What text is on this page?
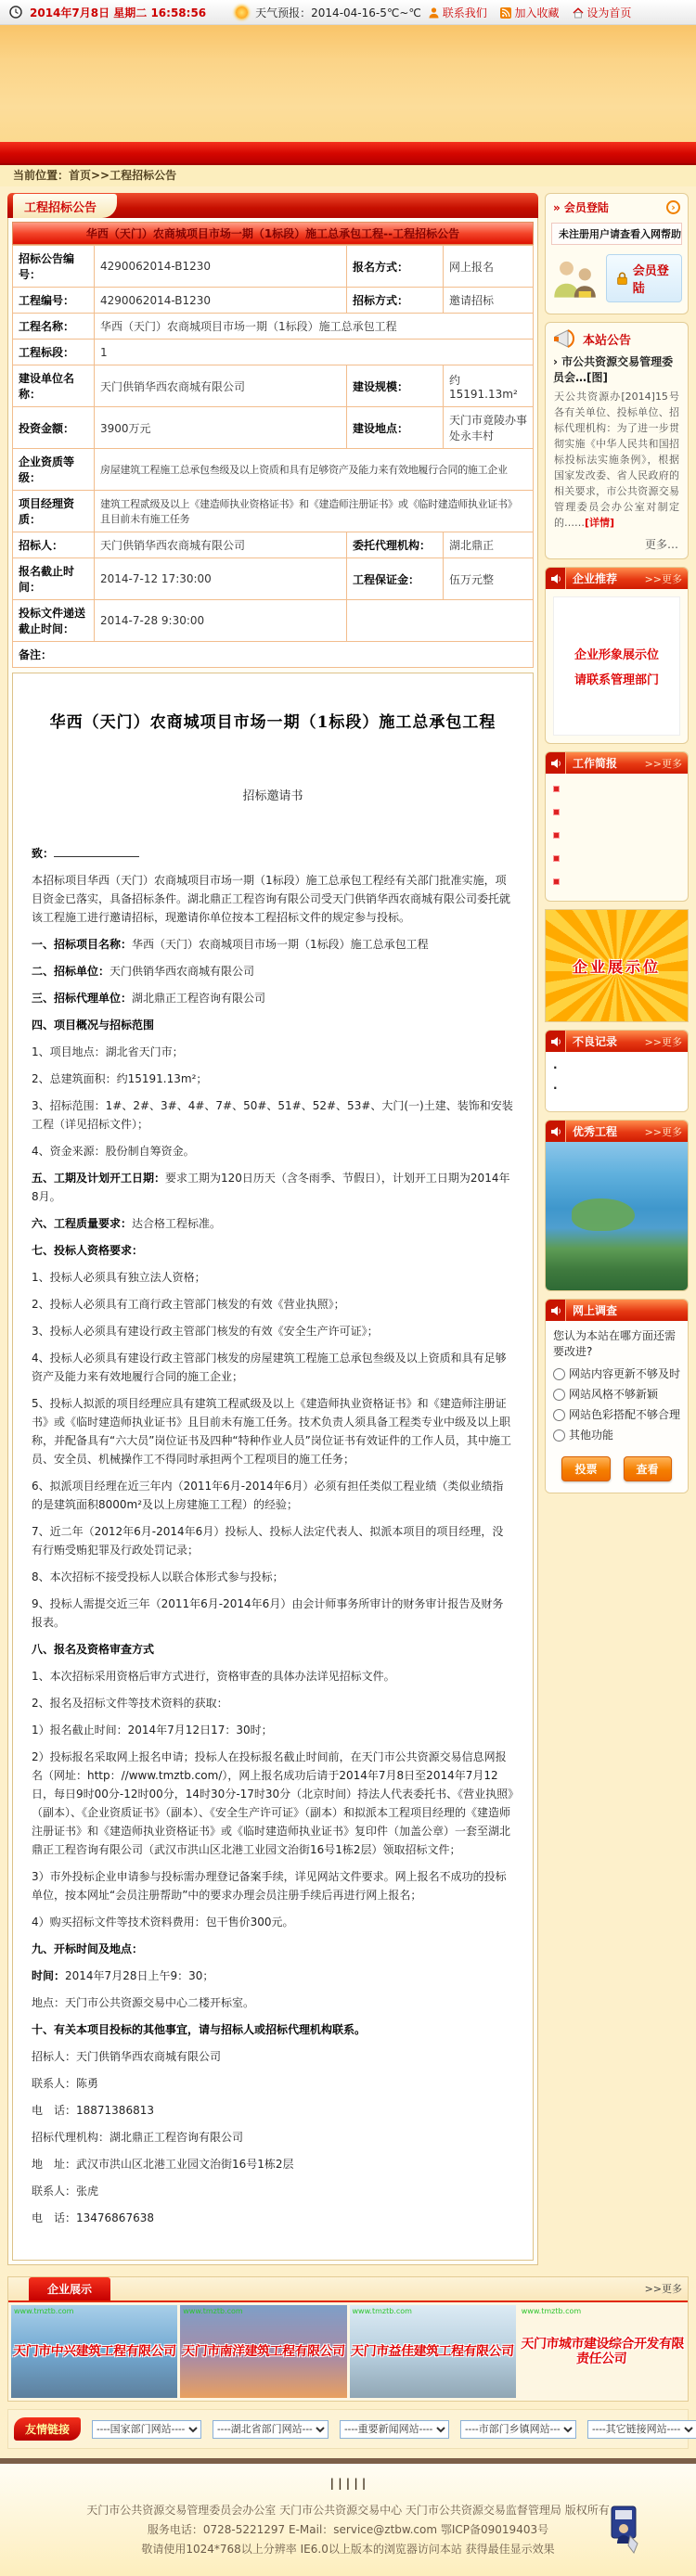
2014年7月8日 星期二 16:58:56	天气预报：2014-04-16-5℃~℃	联系我们	加入收藏	设为首页
当前位置：首页>>工程招标公告
工程招标公告
华西（天门）农商城项目市场一期（1标段）施工总承包工程--工程招标公告
招标公告编号：	4290062014-B1230	报名方式：	网上报名
工程编号：	4290062014-B1230	招标方式：	邀请招标
工程名称：	华西（天门）农商城项目市场一期（1标段）施工总承包工程		
工程标段：	1		
建设单位名称：	天门供销华西农商城有限公司	建设规模：	约15191.13m²
投资金额：	3900万元	建设地点：	天门市竟陵办事处永丰村
企业资质等级：	房屋建筑工程施工总承包叁级及以上资质和具有足够资产及能力来有效地履行合同的施工企业		
项目经理资质：	建筑工程贰级及以上《建造师执业资格证书》和《建造师注册证书》或《临时建造师执业证书》且目前未有施工任务		
招标人：	天门供销华西农商城有限公司	委托代理机构：	湖北鼎正
报名截止时间：	2014-7-12 17:30:00	工程保证金：	伍万元整
投标文件递送截止时间：	2014-7-28 9:30:00		
备注：			
华西（天门）农商城项目市场一期（1标段）施工总承包工程
招标邀请书

致：

本招标项目华西（天门）农商城项目市场一期（1标段）施工总承包工程经有关部门批准实施，项目资金已落实，具备招标条件。湖北鼎正工程咨询有限公司受天门供销华西农商城有限公司委托就该工程施工进行邀请招标，现邀请你单位按本工程招标文件的规定参与投标。

一、招标项目名称：华西（天门）农商城项目市场一期（1标段）施工总承包工程

二、招标单位：天门供销华西农商城有限公司

三、招标代理单位：湖北鼎正工程咨询有限公司

四、项目概况与招标范围

1、项目地点：湖北省天门市；

2、总建筑面积：约15191.13m²；

3、招标范围：1#、2#、3#、4#、7#、50#、51#、52#、53#、大门(一)土建、装饰和安装工程（详见招标文件）；

4、资金来源：股份制自筹资金。

五、工期及计划开工日期：要求工期为120日历天（含冬雨季、节假日），计划开工日期为2014年8月。

六、工程质量要求：达合格工程标准。

七、投标人资格要求：

1、投标人必须具有独立法人资格；

2、投标人必须具有工商行政主管部门核发的有效《营业执照》；

3、投标人必须具有建设行政主管部门核发的有效《安全生产许可证》；

4、投标人必须具有建设行政主管部门核发的房屋建筑工程施工总承包叁级及以上资质和具有足够资产及能力来有效地履行合同的施工企业；

5、投标人拟派的项目经理应具有建筑工程贰级及以上《建造师执业资格证书》和《建造师注册证书》或《临时建造师执业证书》且目前未有施工任务。技术负责人须具备工程类专业中级及以上职称，并配备具有“六大员”岗位证书及四种“特种作业人员”岗位证书有效证件的工作人员，其中施工员、安全员、机械操作工不得同时承担两个工程项目的施工任务；

6、拟派项目经理在近三年内（2011年6月-2014年6月）必须有担任类似工程业绩（类似业绩指的是建筑面积8000m²及以上房建施工工程）的经验；

7、近二年（2012年6月-2014年6月）投标人、投标人法定代表人、拟派本项目的项目经理，没有行贿受贿犯罪及行政处罚记录；

8、本次招标不接受投标人以联合体形式参与投标；

9、投标人需提交近三年（2011年6月-2014年6月）由会计师事务所审计的财务审计报告及财务报表。

八、报名及资格审查方式

1、本次招标采用资格后审方式进行，资格审查的具体办法详见招标文件。

2、报名及招标文件等技术资料的获取：

1）报名截止时间：2014年7月12日17：30时；

2）投标报名采取网上报名申请；投标人在投标报名截止时间前，在天门市公共资源交易信息网报名（网址：http：//www.tmztb.com/），网上报名成功后请于2014年7月8日至2014年7月12日，每日9时00分-12时00分，14时30分-17时30分（北京时间）持法人代表委托书、《营业执照》（副本）、《企业资质证书》（副本）、《安全生产许可证》（副本）和拟派本工程项目经理的《建造师注册证书》和《建造师执业资格证书》或《临时建造师执业证书》复印件（加盖公章）一套至湖北鼎正工程咨询有限公司（武汉市洪山区北港工业园文治街16号1栋2层）领取招标文件；

3）市外投标企业申请参与投标需办理登记备案手续，详见网站文件要求。网上报名不成功的投标单位，按本网址“会员注册帮助”中的要求办理会员注册手续后再进行网上报名；

4）购买招标文件等技术资料费用：包干售价300元。

九、开标时间及地点：

时间：2014年7月28日上午9：30；

地点：天门市公共资源交易中心二楼开标室。

十、有关本项目投标的其他事宜，请与招标人或招标代理机构联系。

招标人：天门供销华西农商城有限公司

联系人：陈勇

电　话：18871386813

招标代理机构：湖北鼎正工程咨询有限公司

地　址：武汉市洪山区北港工业园文治街16号1栋2层

联系人：张虎

电　话：13476867638

» 会员登陆	›
未注册用户请查看入网帮助
会员登陆
本站公告
› 市公共资源交易管理委员会…[图]
天公共资源办[2014]15号各有关单位、投标单位、招标代理机构：为了进一步贯彻实施《中华人民共和国招标投标法实施条例》，根据国家发改委、省人民政府的相关要求，市公共资源交易管理委员会办公室对制定的……[详情]
更多…
企业推荐	>>更多
企业形象展示位
请联系管理部门
工作简报	>>更多
企业展示位
不良记录	>>更多
·
·
优秀工程	>>更多
网上调查
您认为本站在哪方面还需要改进?
网站内容更新不够及时
网站风格不够新颖
网站色彩搭配不够合理
其他功能
投票	查看
企业展示	>>更多
www.tmztb.com
天门市中兴建筑工程有限公司
www.tmztb.com
天门市南洋建筑工程有限公司
www.tmztb.com
天门市益佳建筑工程有限公司
www.tmztb.com
天门市城市建设综合开发有限责任公司
友情链接
----国家部门网站----
----湖北省部门网站---
----重要新闻网站----
----市部门乡镇网站---
----其它链接网站----
| | | | |
天门市公共资源交易管理委员会办公室 天门市公共资源交易中心 天门市公共资源交易监督管理局 版权所有
服务电话：0728-5221297 E-Mail：service@ztbw.com 鄂ICP备09019403号
敬请使用1024*768以上分辨率 IE6.0以上版本的浏览器访问本站 获得最佳显示效果
